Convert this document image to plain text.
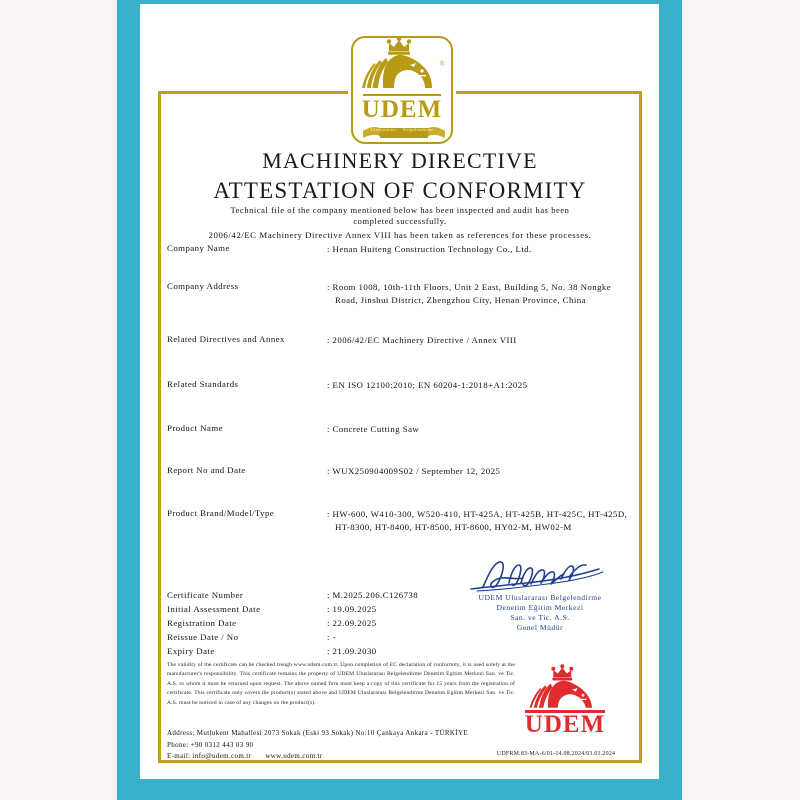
UDEM
®
Uluslararası Belgelendirme
MACHINERY DIRECTIVE
ATTESTATION OF CONFORMITY
Technical file of the company mentioned below has been inspected and audit has been
completed successfully.
2006/42/EC Machinery Directive Annex VIII has been taken as references for these processes.
Company Name	: Henan Huiteng Construction Technology Co., Ltd.
Company Address	: Room 1008, 10th-11th Floors, Unit 2 East, Building 5, No. 38 Nongke
Road, Jinshui District, Zhengzhou City, Henan Province, China
Related Directives and Annex	: 2006/42/EC Machinery Directive / Annex VIII
Related Standards	: EN ISO 12100:2010; EN 60204-1:2018+A1:2025
Product Name	: Concrete Cutting Saw
Report No and Date	: WUX250904009S02 / September 12, 2025
Product Brand/Model/Type	: HW-600, W410-300, W520-410, HT-425A, HT-425B, HT-425C, HT-425D,
HT-8300, HT-8400, HT-8500, HT-8600, HY02-M, HW02-M
Certificate Number	: M.2025.206.C126738
Initial Assessment Date	: 19.09.2025
Registration Date	: 22.09.2025
Reissue Date / No	: -
Expiry Date	: 21.09.2030
UDEM Uluslararası Belgelendirme
Denetim Eğitim Merkezi
San. ve Tic. A.S.
Genel Müdür
The validity of the certificate can be checked treugh www.udem.com.tr. Upon completion of EC declaration of conformity, it is used solely at the manufacturer's responsibility. This certificate remains the property of UDEM Uluslararası Belgelendirme Denetim Egitim Merkezi San. ve Tic. A.S. to whom it must be returned upon request. The above named firm must keep a copy of this certificate for 15 years from the registration of certificate. This certificate only covers the product(s) stated above and UDEM Uluslararası Belgelendirme Denetim Egitim Merkezi San. ve Tic. A.S. must be noticed in case of any changes on the product(s).
Address: Mutlukent Mahallesi 2073 Sokak (Eski 93 Sokak) No:10 Çankaya Ankara - TÜRKİYE
Phone: +90 0312 443 03 90
E-mail: info@udem.com.tr www.udem.com.tr
UDEM
UDFRM.83-MA-6/01-14.08.2024/03.01.2024
